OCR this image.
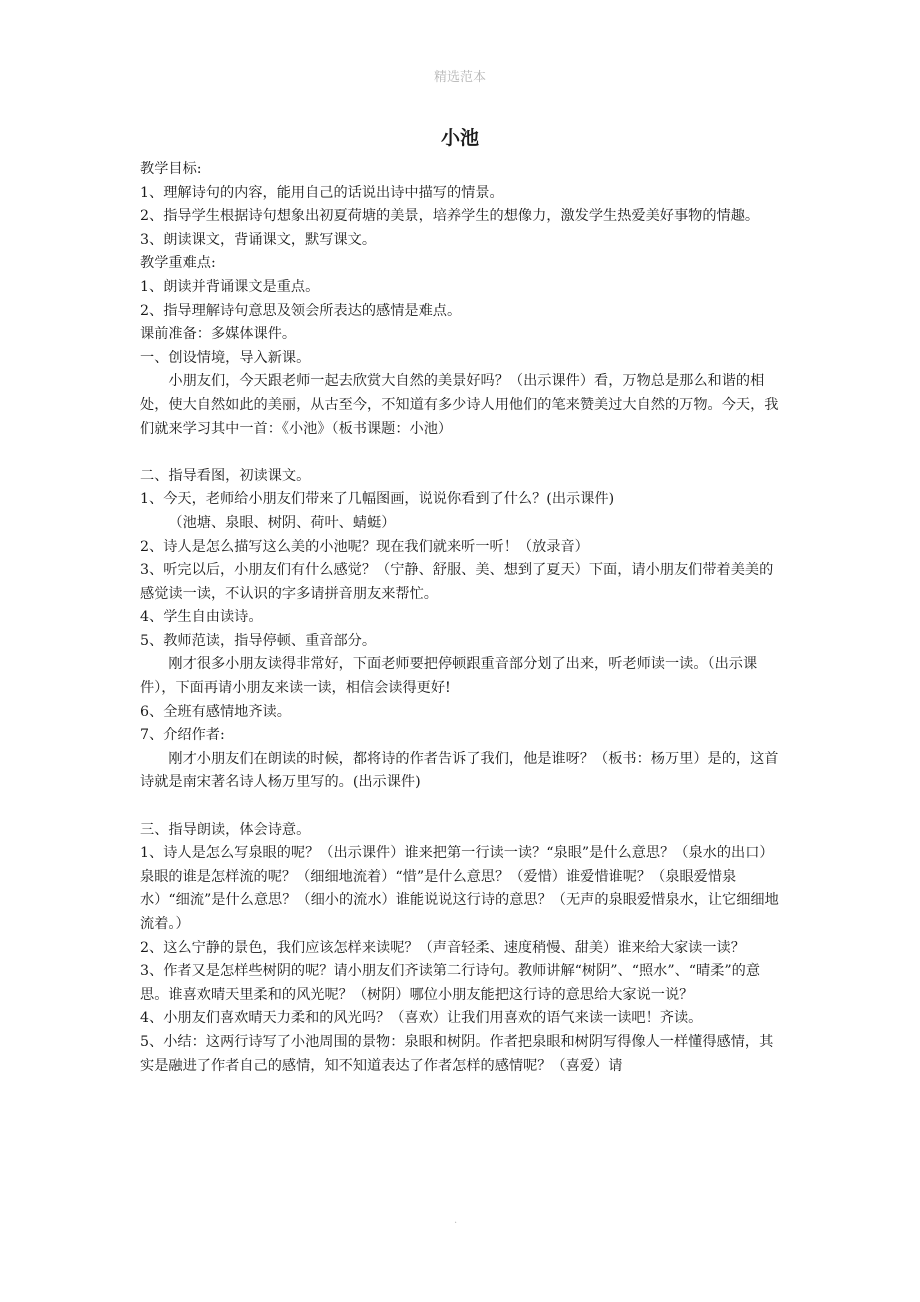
精选范本
小池

教学目标:

1、理解诗句的内容，能用自己的话说出诗中描写的情景。

2、指导学生根据诗句想象出初夏荷塘的美景，培养学生的想像力，激发学生热爱美好事物的情趣。

3、朗读课文，背诵课文，默写课文。

教学重难点:

1、朗读并背诵课文是重点。

2、指导理解诗句意思及领会所表达的感情是难点。

课前准备：多媒体课件。

一、创设情境，导入新课。

小朋友们，今天跟老师一起去欣赏大自然的美景好吗？（出示课件）看，万物总是那么和谐的相处，使大自然如此的美丽，从古至今，不知道有多少诗人用他们的笔来赞美过大自然的万物。今天，我们就来学习其中一首：《小池》（板书课题：小池）

二、指导看图，初读课文。

1、今天，老师给小朋友们带来了几幅图画，说说你看到了什么？(出示课件)

（池塘、泉眼、树阴、荷叶、蜻蜓）

2、诗人是怎么描写这么美的小池呢？现在我们就来听一听！（放录音）

3、听完以后，小朋友们有什么感觉？（宁静、舒服、美、想到了夏天）下面，请小朋友们带着美美的感觉读一读，不认识的字多请拼音朋友来帮忙。

4、学生自由读诗。

5、教师范读，指导停顿、重音部分。

刚才很多小朋友读得非常好，下面老师要把停顿跟重音部分划了出来，听老师读一读。（出示课件），下面再请小朋友来读一读，相信会读得更好!

6、全班有感情地齐读。

7、介绍作者:

刚才小朋友们在朗读的时候，都将诗的作者告诉了我们，他是谁呀？（板书：杨万里）是的，这首诗就是南宋著名诗人杨万里写的。(出示课件)

三、指导朗读，体会诗意。

1、诗人是怎么写泉眼的呢？（出示课件）谁来把第一行读一读？“泉眼”是什么意思？（泉水的出口）泉眼的谁是怎样流的呢？（细细地流着）“惜”是什么意思？（爱惜）谁爱惜谁呢？（泉眼爱惜泉水）“细流”是什么意思？（细小的流水）谁能说说这行诗的意思？（无声的泉眼爱惜泉水，让它细细地流着。）

2、这么宁静的景色，我们应该怎样来读呢？（声音轻柔、速度稍慢、甜美）谁来给大家读一读？

3、作者又是怎样些树阴的呢？请小朋友们齐读第二行诗句。教师讲解“树阴”、“照水”、“晴柔”的意思。谁喜欢晴天里柔和的风光呢？（树阴）哪位小朋友能把这行诗的意思给大家说一说？

4、小朋友们喜欢晴天力柔和的风光吗？（喜欢）让我们用喜欢的语气来读一读吧！齐读。

5、小结：这两行诗写了小池周围的景物：泉眼和树阴。作者把泉眼和树阴写得像人一样懂得感情，其实是融进了作者自己的感情，知不知道表达了作者怎样的感情呢？（喜爱）请

.
